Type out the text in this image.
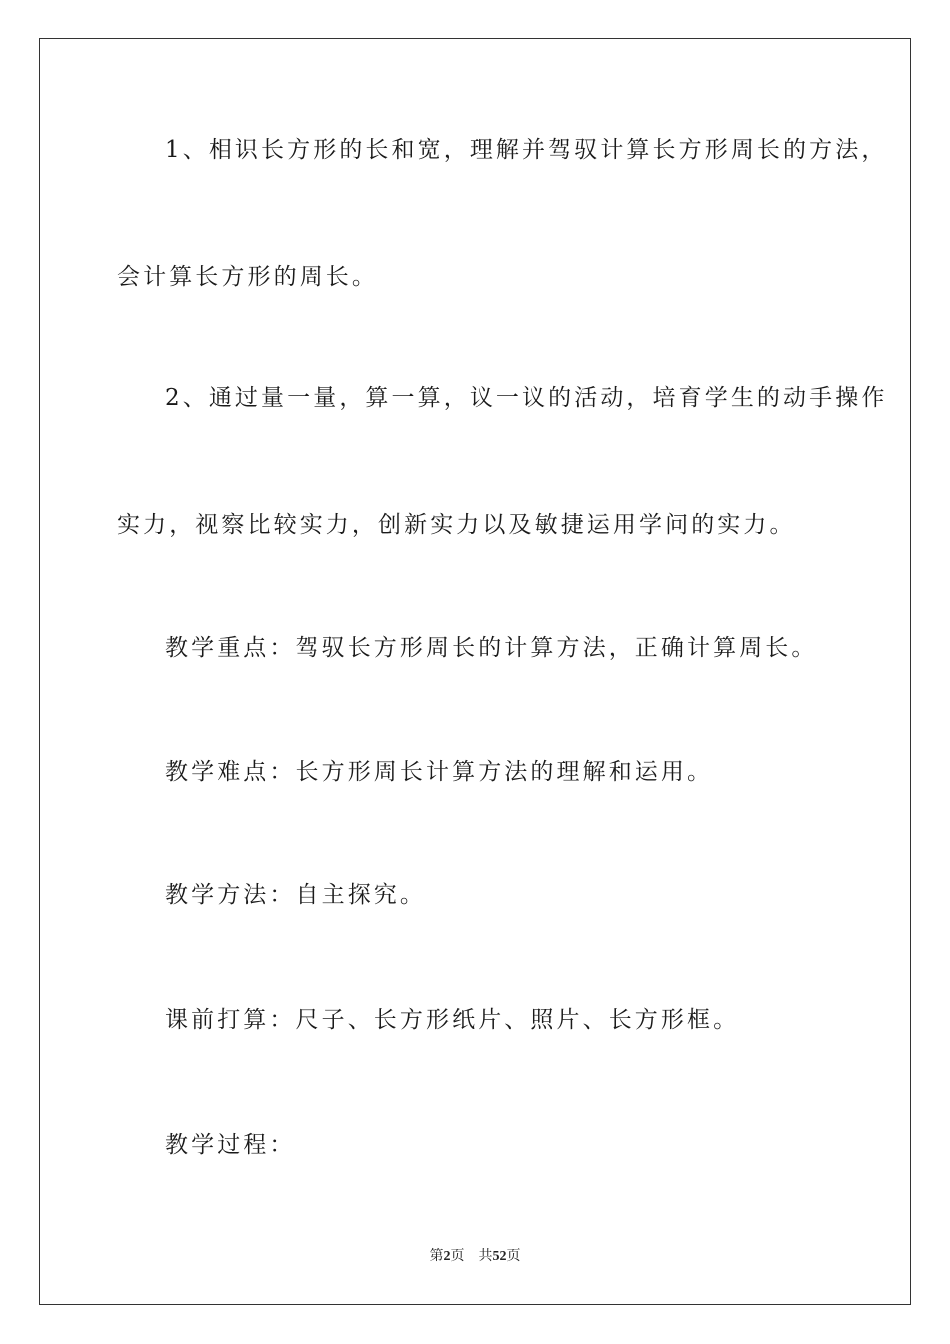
1、相识长方形的长和宽，理解并驾驭计算长方形周长的方法，
会计算长方形的周长。
2、通过量一量，算一算，议一议的活动，培育学生的动手操作
实力，视察比较实力，创新实力以及敏捷运用学问的实力。
教学重点：驾驭长方形周长的计算方法，正确计算周长。
教学难点：长方形周长计算方法的理解和运用。
教学方法：自主探究。
课前打算：尺子、长方形纸片、照片、长方形框。
教学过程：
第2页 共52页
